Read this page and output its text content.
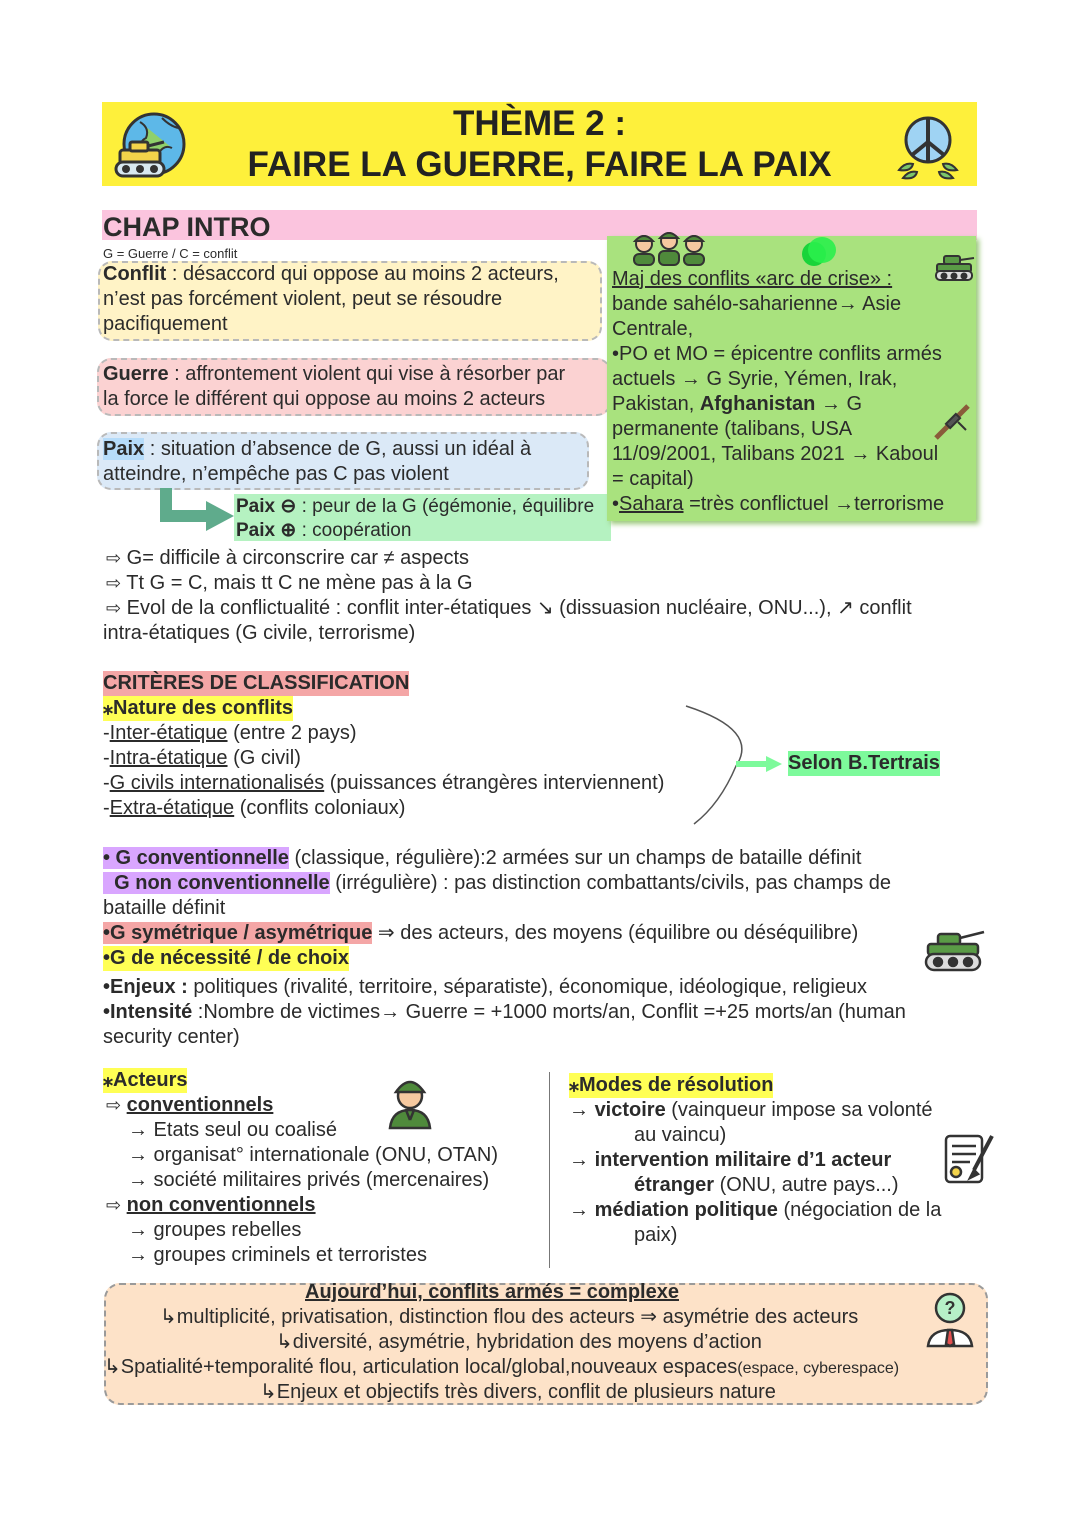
THÈME 2 :
FAIRE LA GUERRE, FAIRE LA PAIX
CHAP INTRO
G = Guerre / C = conflit
Conflit : désaccord qui oppose au moins 2 acteurs,
n’est pas forcément violent, peut se résoudre
pacifiquement
Guerre : affrontement violent qui vise à résorber par
la force le différent qui oppose au moins 2 acteurs
Paix : situation d’absence de G, aussi un idéal à
atteindre, n’empêche pas C pas violent
Paix ⊖ : peur de la G (égémonie, équilibre
Paix ⊕ : coopération
Maj des conflits «arc de crise» :
bande sahélo-saharienne→ Asie
Centrale,
•PO et MO = épicentre conflits armés
actuels → G Syrie, Yémen, Irak,
Pakistan, Afghanistan → G
permanente (talibans, USA
11/09/2001, Talibans 2021 → Kaboul
= capital)
•Sahara =très conflictuel →terrorisme
⇨ G= difficile à circonscrire car ≠ aspects
⇨ Tt G = C, mais tt C ne mène pas à la G
⇨ Evol de la conflictualité : conflit inter-étatiques ↘ (dissuasion nucléaire, ONU...), ↗ conflit
intra-étatiques (G civile, terrorisme)
CRITÈRES DE CLASSIFICATION
⁎Nature des conflits
-Inter-étatique (entre 2 pays)
-Intra-étatique (G civil)
-G civils internationalisés (puissances étrangères interviennent)
-Extra-étatique (conflits coloniaux)
Selon B.Tertrais
• G conventionnelle (classique, régulière):2 armées sur un champs de bataille définit
G non conventionnelle (irrégulière) : pas distinction combattants/civils, pas champs de
bataille définit
•G symétrique / asymétrique ⇒ des acteurs, des moyens (équilibre ou déséquilibre)
•G de nécessité / de choix
•Enjeux : politiques (rivalité, territoire, séparatiste), économique, idéologique, religieux
•Intensité :Nombre de victimes→ Guerre = +1000 morts/an, Conflit =+25 morts/an (human
security center)
⁎Acteurs
⇨ conventionnels
→ Etats seul ou coalisé
→ organisat° internationale (ONU, OTAN)
→ société militaires privés (mercenaires)
⇨ non conventionnels
→ groupes rebelles
→ groupes criminels et terroristes
⁎Modes de résolution
→ victoire (vainqueur impose sa volonté
au vaincu)
→ intervention militaire d’1 acteur
étranger (ONU, autre pays...)
→ médiation politique (négociation de la
paix)
Aujourd’hui, conflits armés = complexe
↳multiplicité, privatisation, distinction flou des acteurs ⇒ asymétrie des acteurs
↳diversité, asymétrie, hybridation des moyens d’action
↳Spatialité+temporalité flou, articulation local/global,nouveaux espaces(espace, cyberespace)
↳Enjeux et objectifs très divers, conflit de plusieurs nature
?
